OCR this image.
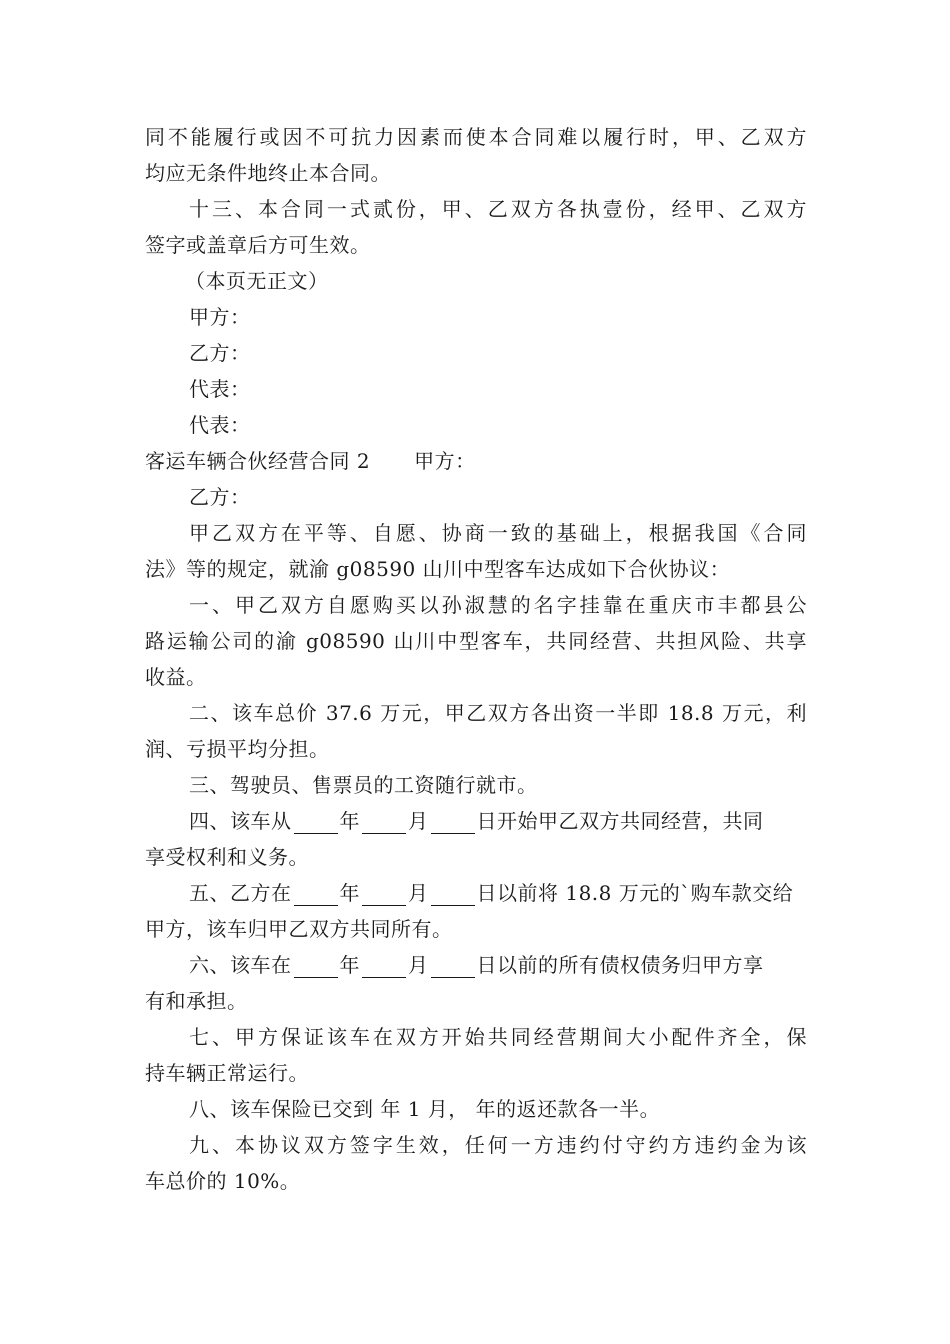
同不能履行或因不可抗力因素而使本合同难以履行时，甲、乙双方
均应无条件地终止本合同。
十三、本合同一式贰份，甲、乙双方各执壹份，经甲、乙双方
签字或盖章后方可生效。
（本页无正文）
甲方：
乙方：
代表：
代表：
客运车辆合伙经营合同 2 甲方：
乙方：
甲乙双方在平等、自愿、协商一致的基础上，根据我国《合同
法》等的规定，就渝 g08590 山川中型客车达成如下合伙协议：
一、甲乙双方自愿购买以孙淑慧的名字挂靠在重庆市丰都县公
路运输公司的渝 g08590 山川中型客车，共同经营、共担风险、共享
收益。
二、该车总价 37.6 万元，甲乙双方各出资一半即 18.8 万元，利
润、亏损平均分担。
三、驾驶员、售票员的工资随行就市。
四、该车从 年 月 日开始甲乙双方共同经营，共同
享受权利和义务。
五、乙方在 年 月 日以前将 18.8 万元的`购车款交给
甲方，该车归甲乙双方共同所有。
六、该车在 年 月 日以前的所有债权债务归甲方享
有和承担。
七、甲方保证该车在双方开始共同经营期间大小配件齐全，保
持车辆正常运行。
八、该车保险已交到 年 1 月， 年的返还款各一半。
九、本协议双方签字生效，任何一方违约付守约方违约金为该
车总价的 10%。
